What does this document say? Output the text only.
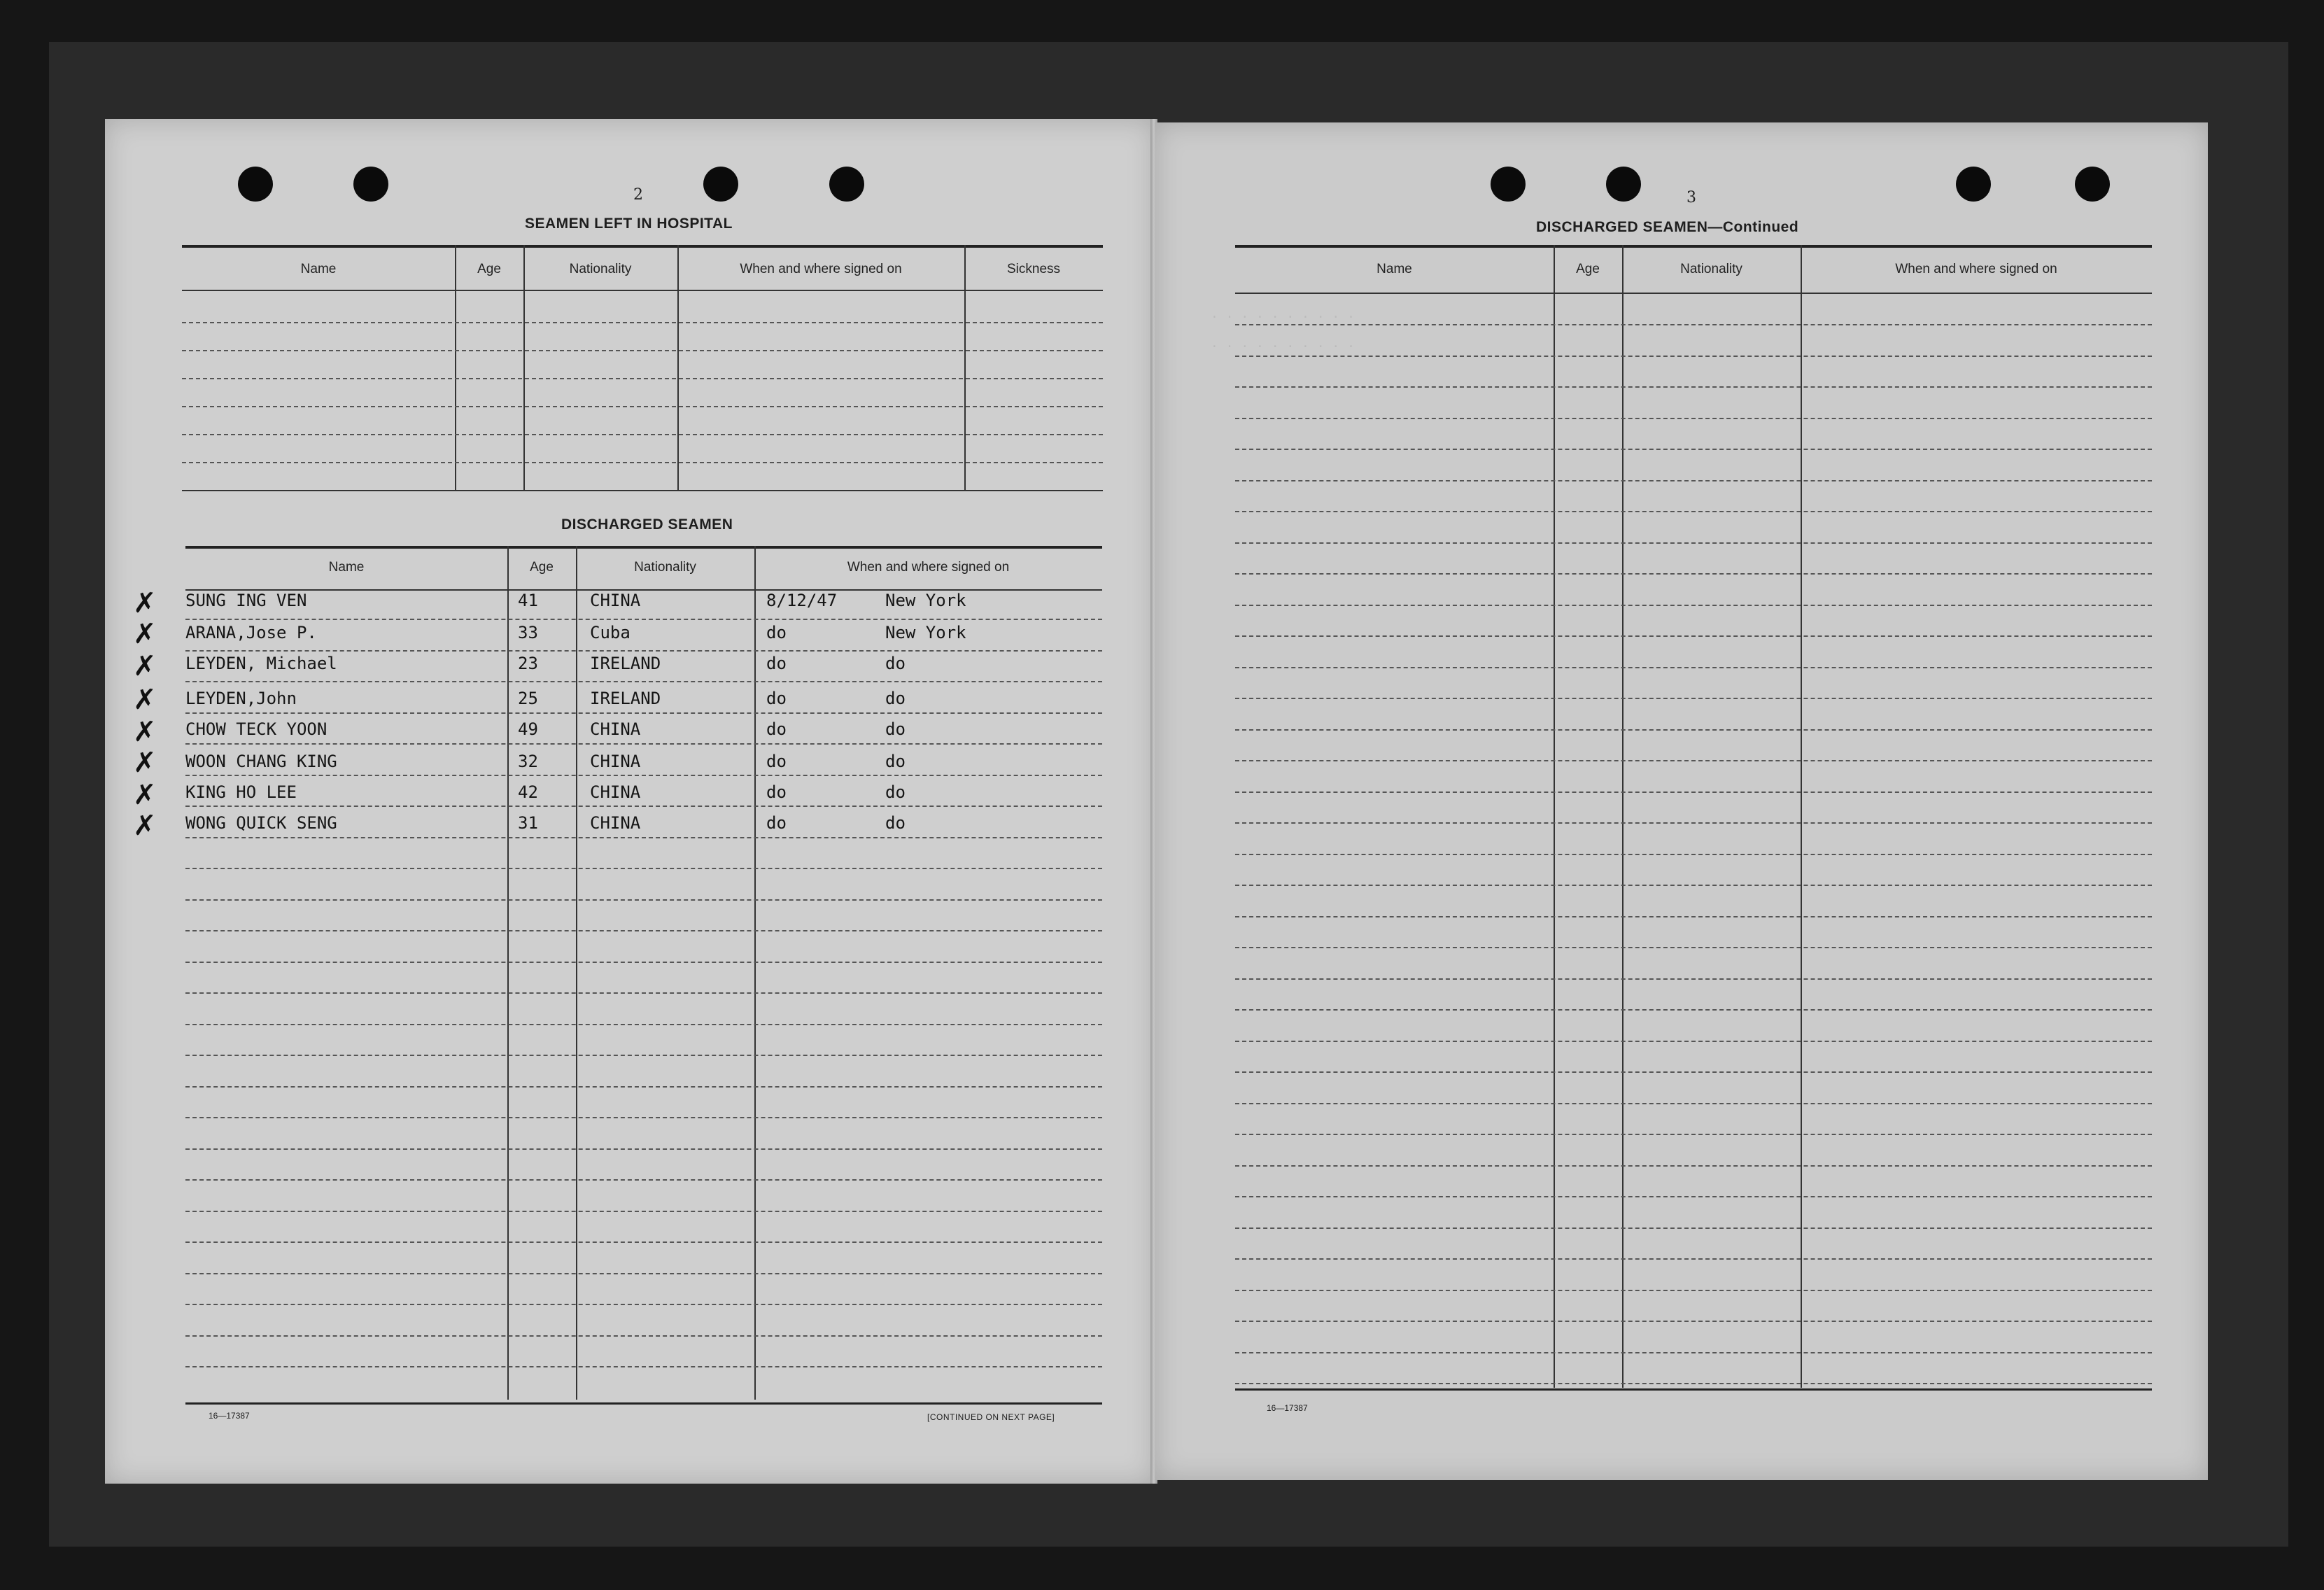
2
SEAMEN LEFT IN HOSPITAL
Name	Age	Nationality	When and where signed on	Sickness
DISCHARGED SEAMEN
Name	Age	Nationality	When and where signed on
SUNG ING VEN	41	CHINA	8/12/47	New York
ARANA,Jose P.	33	Cuba	do	New York
LEYDEN, Michael	23	IRELAND	do	do
LEYDEN,John	25	IRELAND	do	do
CHOW TECK YOON	49	CHINA	do	do
WOON CHANG KING	32	CHINA	do	do
KING HO LEE	42	CHINA	do	do
WONG QUICK SENG	31	CHINA	do	do
✗
✗
✗
✗
✗
✗
✗
✗
16—17387	[CONTINUED ON NEXT PAGE]
3
DISCHARGED SEAMEN—Continued
Name	Age	Nationality	When and where signed on
· · · · · · · · · ·
· · · · · · · · · ·
16—17387
